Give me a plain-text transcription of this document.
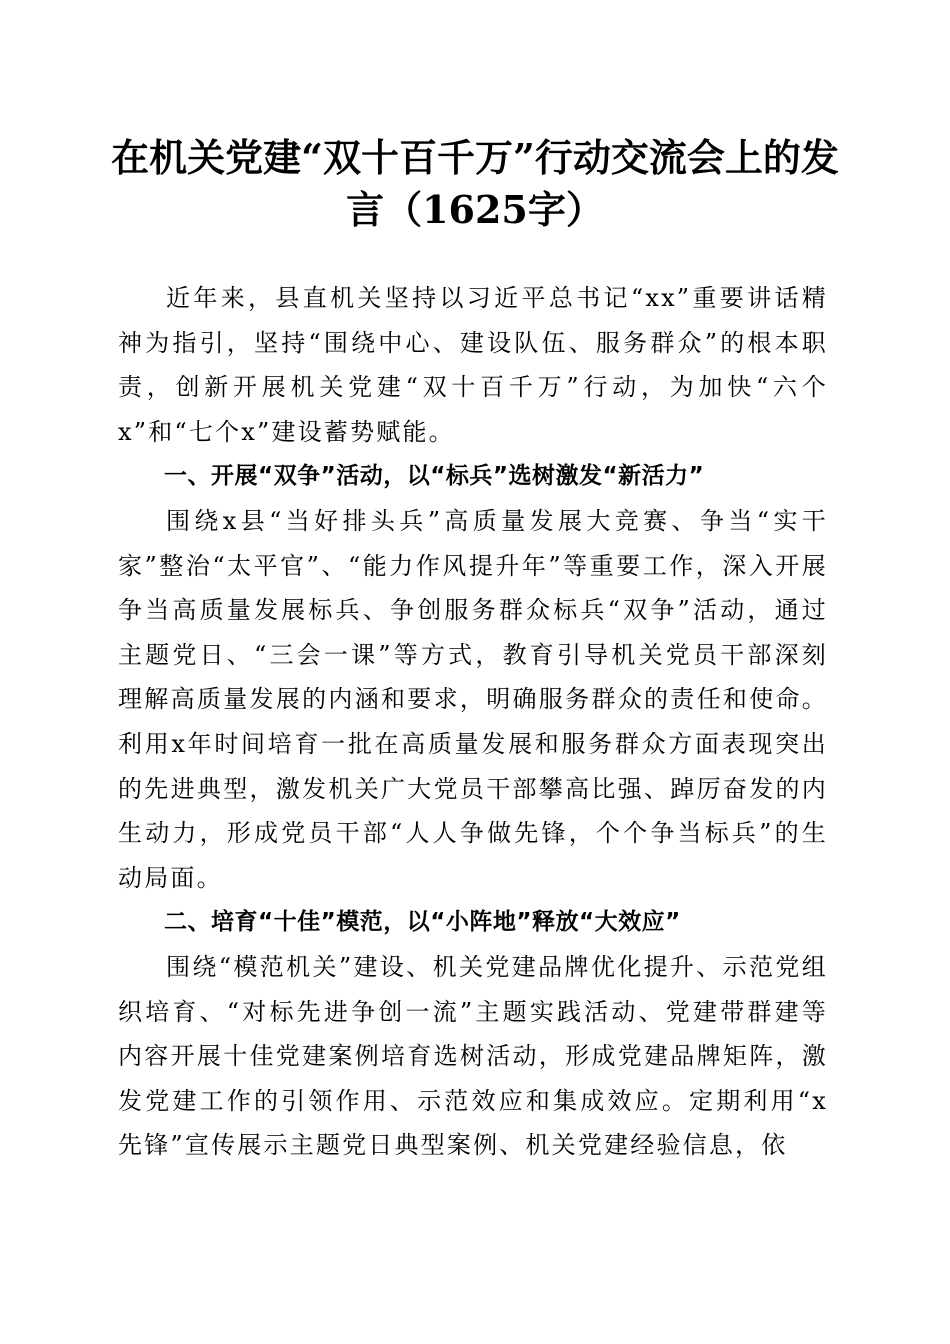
在机关党建“双十百千万”行动交流会上的发
言（1625字）

近年来，县直机关坚持以习近平总书记“xx”重要讲话精神为指引，坚持“围绕中心、建设队伍、服务群众”的根本职责，创新开展机关党建“双十百千万”行动，为加快“六个x”和“七个x”建设蓄势赋能。

一、开展“双争”活动，以“标兵”选树激发“新活力”

围绕x县“当好排头兵”高质量发展大竞赛、争当“实干家”整治“太平官”、“能力作风提升年”等重要工作，深入开展争当高质量发展标兵、争创服务群众标兵“双争”活动，通过主题党日、“三会一课”等方式，教育引导机关党员干部深刻理解高质量发展的内涵和要求，明确服务群众的责任和使命。利用x年时间培育一批在高质量发展和服务群众方面表现突出的先进典型，激发机关广大党员干部攀高比强、踔厉奋发的内生动力，形成党员干部“人人争做先锋，个个争当标兵”的生动局面。

二、培育“十佳”模范，以“小阵地”释放“大效应”

围绕“模范机关”建设、机关党建品牌优化提升、示范党组织培育、“对标先进争创一流”主题实践活动、党建带群建等内容开展十佳党建案例培育选树活动，形成党建品牌矩阵，激发党建工作的引领作用、示范效应和集成效应。定期利用“x先锋”宣传展示主题党日典型案例、机关党建经验信息，依
